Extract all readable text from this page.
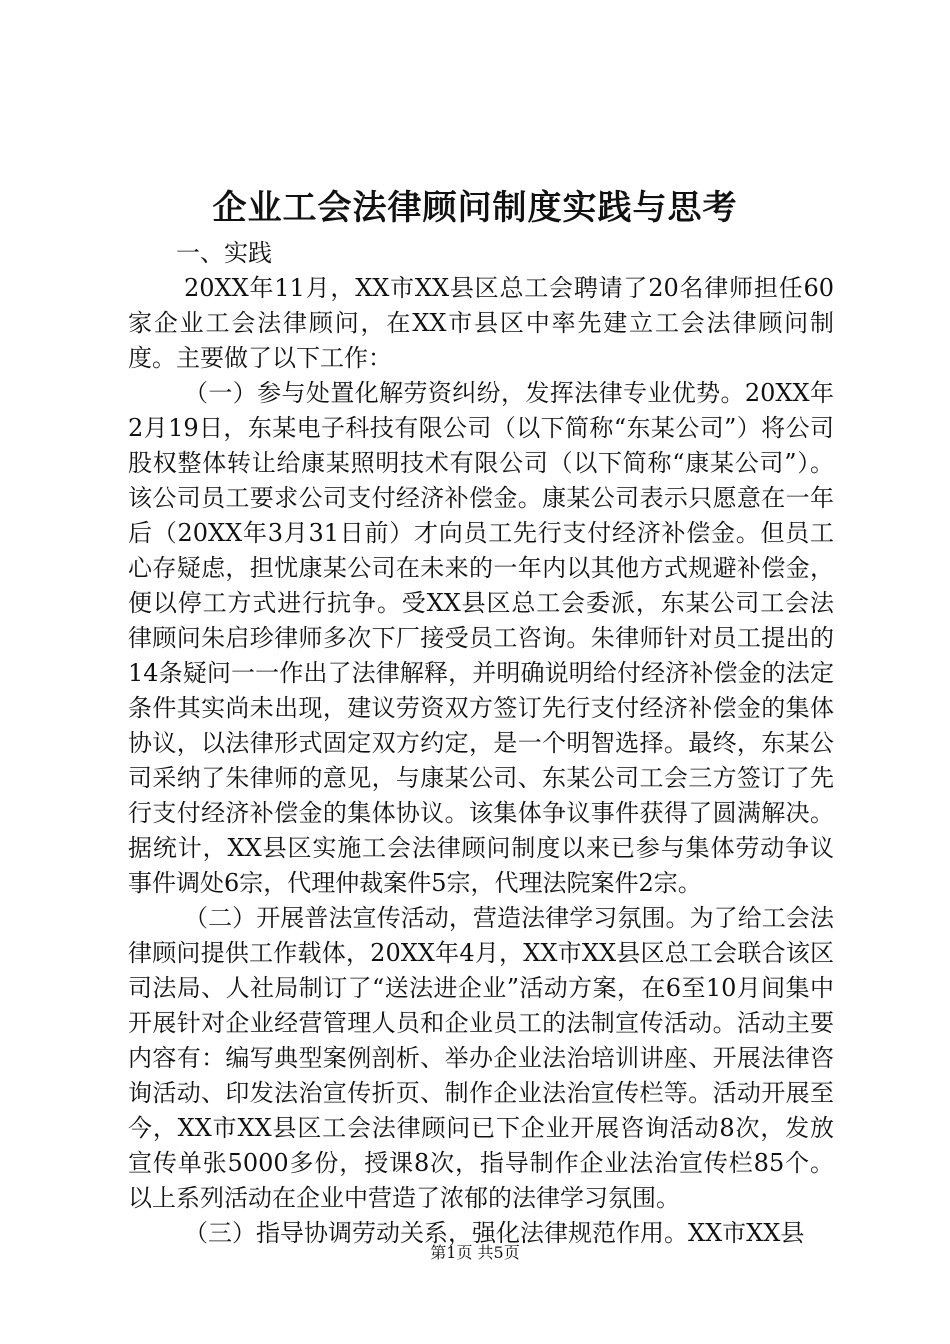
企业工会法律顾问制度实践与思考

一、实践

20XX年11月，XX市XX县区总工会聘请了20名律师担任60家企业工会法律顾问，在XX市县区中率先建立工会法律顾问制度。主要做了以下工作：

（一）参与处置化解劳资纠纷，发挥法律专业优势。20XX年2月19日，东某电子科技有限公司（以下简称“东某公司”）将公司股权整体转让给康某照明技术有限公司（以下简称“康某公司”）。该公司员工要求公司支付经济补偿金。康某公司表示只愿意在一年后（20XX年3月31日前）才向员工先行支付经济补偿金。但员工心存疑虑，担忧康某公司在未来的一年内以其他方式规避补偿金，便以停工方式进行抗争。受XX县区总工会委派，东某公司工会法律顾问朱启珍律师多次下厂接受员工咨询。朱律师针对员工提出的14条疑问一一作出了法律解释，并明确说明给付经济补偿金的法定条件其实尚未出现，建议劳资双方签订先行支付经济补偿金的集体协议，以法律形式固定双方约定，是一个明智选择。最终，东某公司采纳了朱律师的意见，与康某公司、东某公司工会三方签订了先行支付经济补偿金的集体协议。该集体争议事件获得了圆满解决。据统计，XX县区实施工会法律顾问制度以来已参与集体劳动争议事件调处6宗，代理仲裁案件5宗，代理法院案件2宗。

（二）开展普法宣传活动，营造法律学习氛围。为了给工会法律顾问提供工作载体，20XX年4月，XX市XX县区总工会联合该区司法局、人社局制订了“送法进企业”活动方案，在6至10月间集中开展针对企业经营管理人员和企业员工的法制宣传活动。活动主要内容有：编写典型案例剖析、举办企业法治培训讲座、开展法律咨询活动、印发法治宣传折页、制作企业法治宣传栏等。活动开展至今，XX市XX县区工会法律顾问已下企业开展咨询活动8次，发放宣传单张5000多份，授课8次，指导制作企业法治宣传栏85个。以上系列活动在企业中营造了浓郁的法律学习氛围。

（三）指导协调劳动关系，强化法律规范作用。XX市XX县

第1页 共5页
